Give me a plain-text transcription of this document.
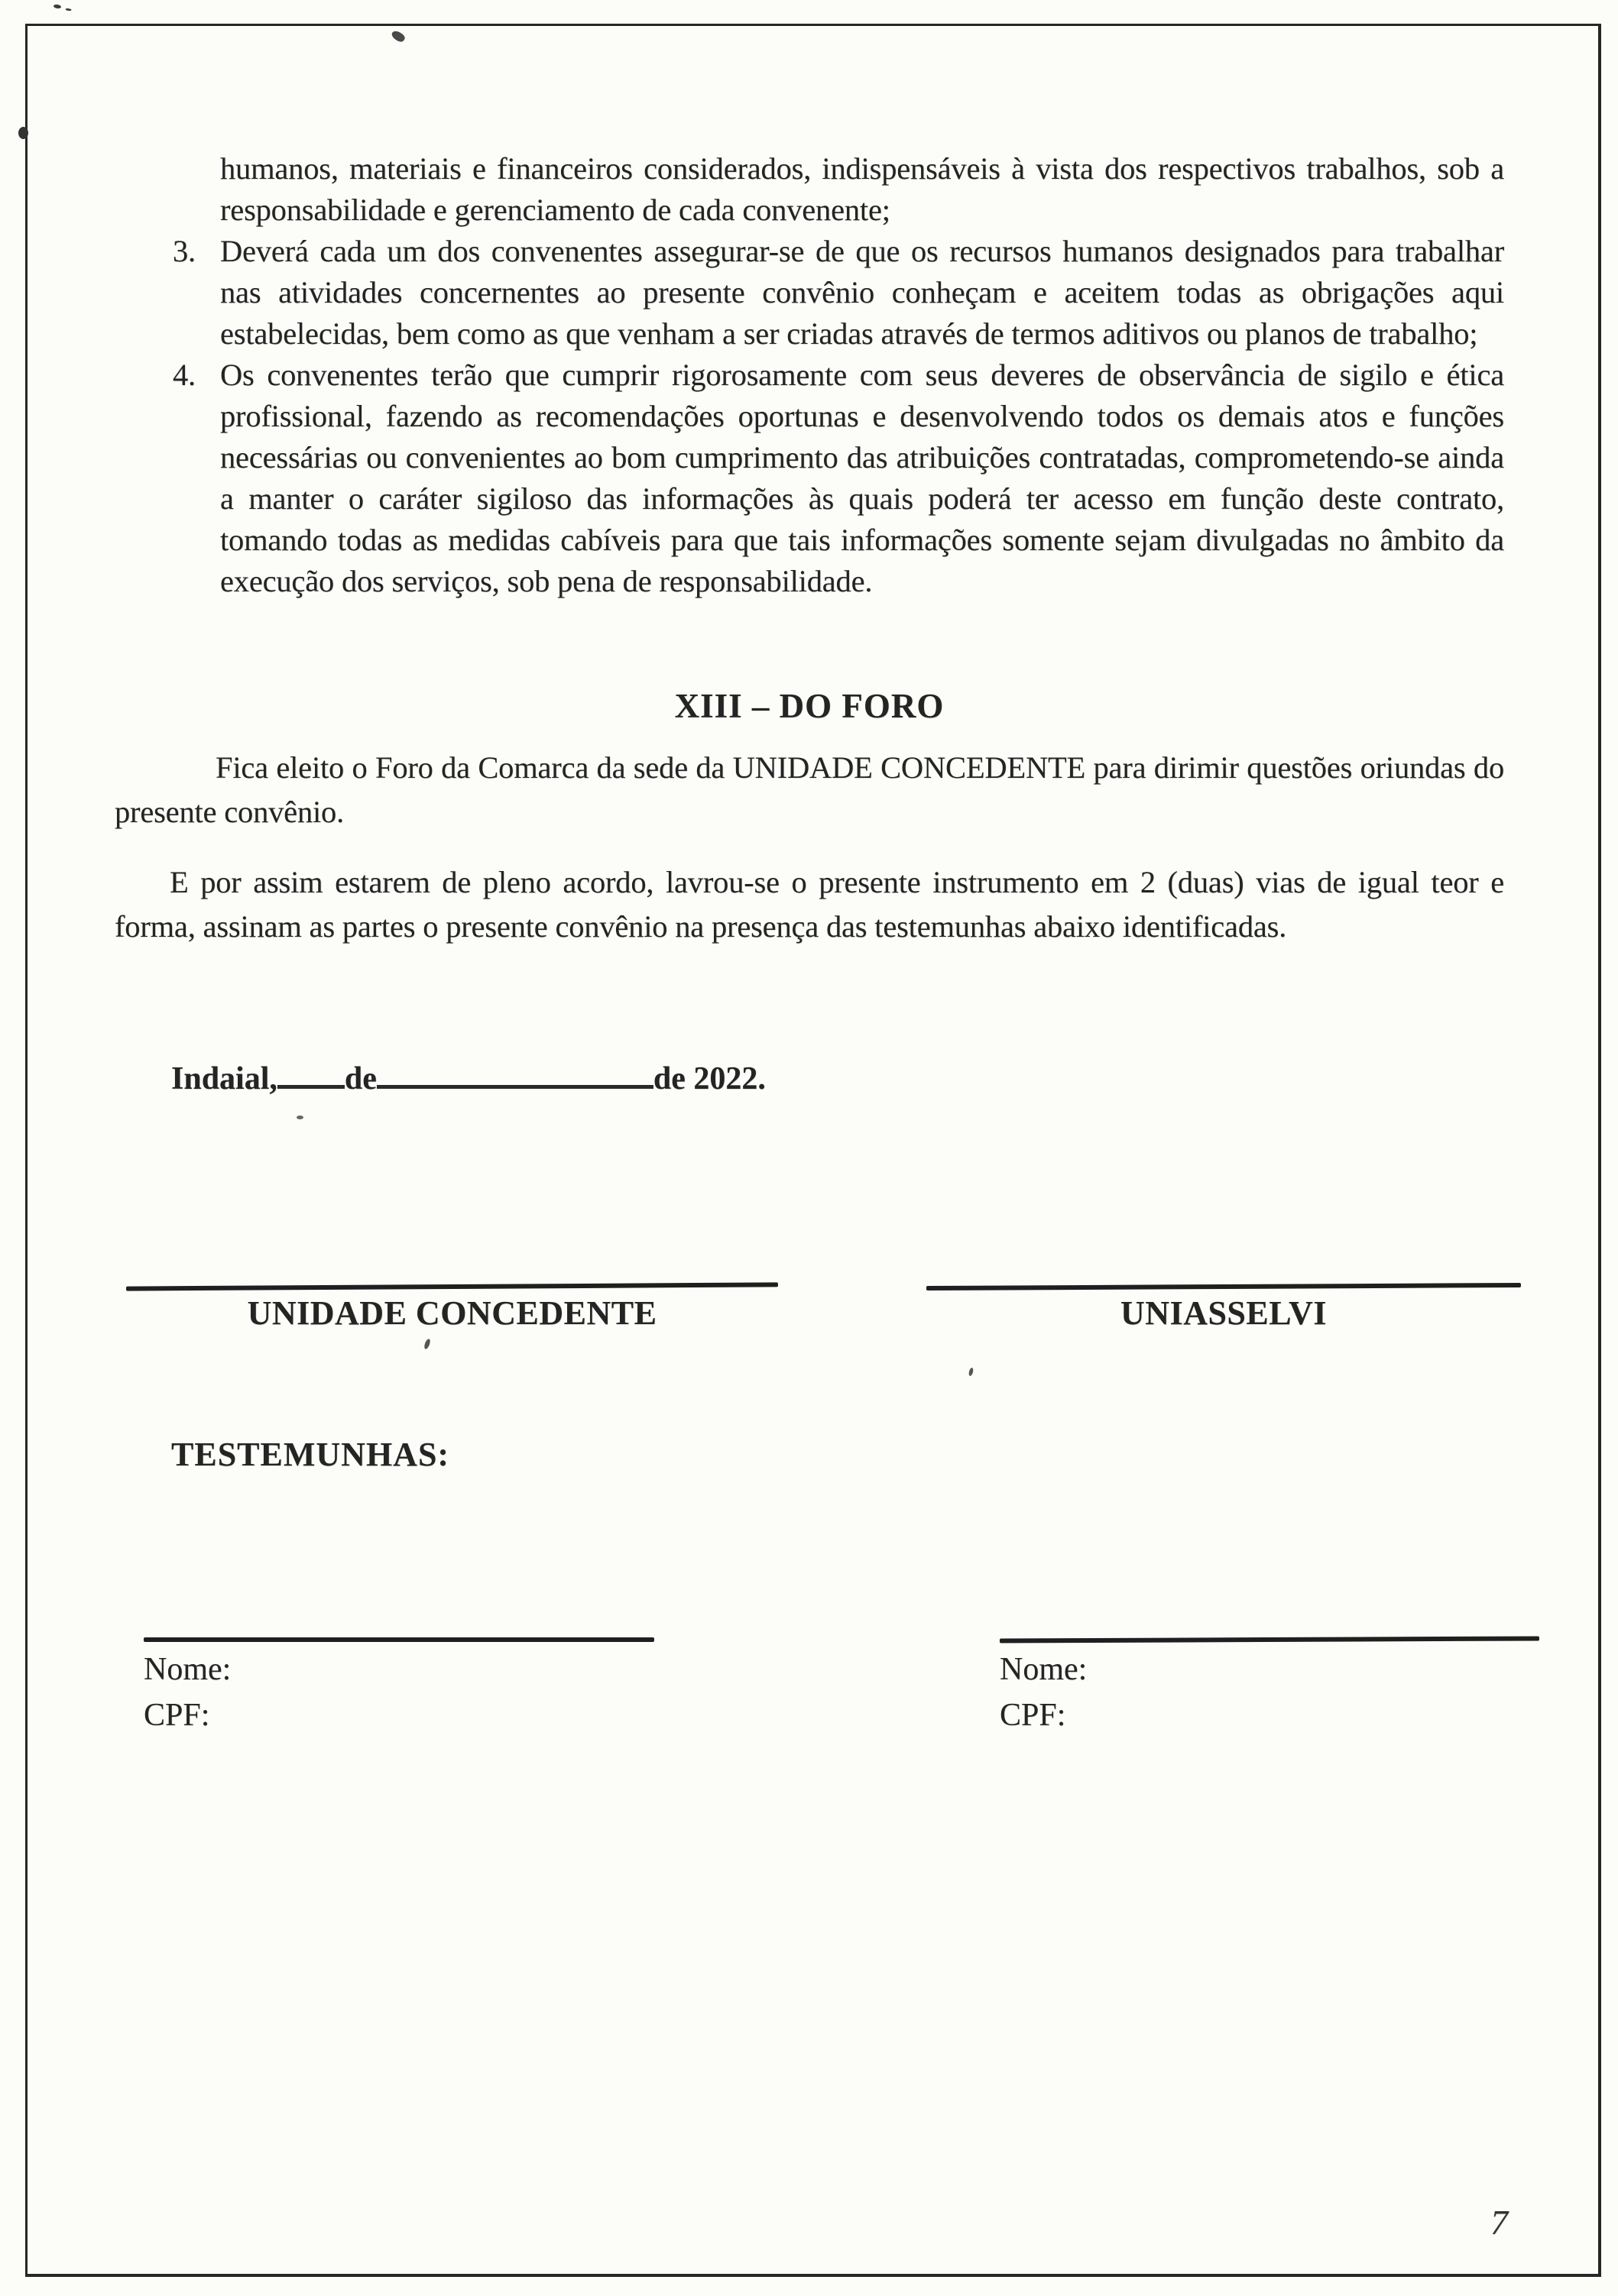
humanos, materiais e financeiros considerados, indispensáveis à vista dos respectivos trabalhos, sob a responsabilidade e gerenciamento de cada convenente;

3. Deverá cada um dos convenentes assegurar-se de que os recursos humanos designados para trabalhar nas atividades concernentes ao presente convênio conheçam e aceitem todas as obrigações aqui estabelecidas, bem como as que venham a ser criadas através de termos aditivos ou planos de trabalho;

4. Os convenentes terão que cumprir rigorosamente com seus deveres de observância de sigilo e ética profissional, fazendo as recomendações oportunas e desenvolvendo todos os demais atos e funções necessárias ou convenientes ao bom cumprimento das atribuições contratadas, comprometendo-se ainda a manter o caráter sigiloso das informações às quais poderá ter acesso em função deste contrato, tomando todas as medidas cabíveis para que tais informações somente sejam divulgadas no âmbito da execução dos serviços, sob pena de responsabilidade.

XIII – DO FORO

Fica eleito o Foro da Comarca da sede da UNIDADE CONCEDENTE para dirimir questões oriundas do presente convênio.

E por assim estarem de pleno acordo, lavrou-se o presente instrumento em 2 (duas) vias de igual teor e forma, assinam as partes o presente convênio na presença das testemunhas abaixo identificadas.

Indaial, de	de 2022.
UNIDADE CONCEDENTE	UNIASSELVI
TESTEMUNHAS:
Nome:
CPF:
Nome:
CPF:
7
